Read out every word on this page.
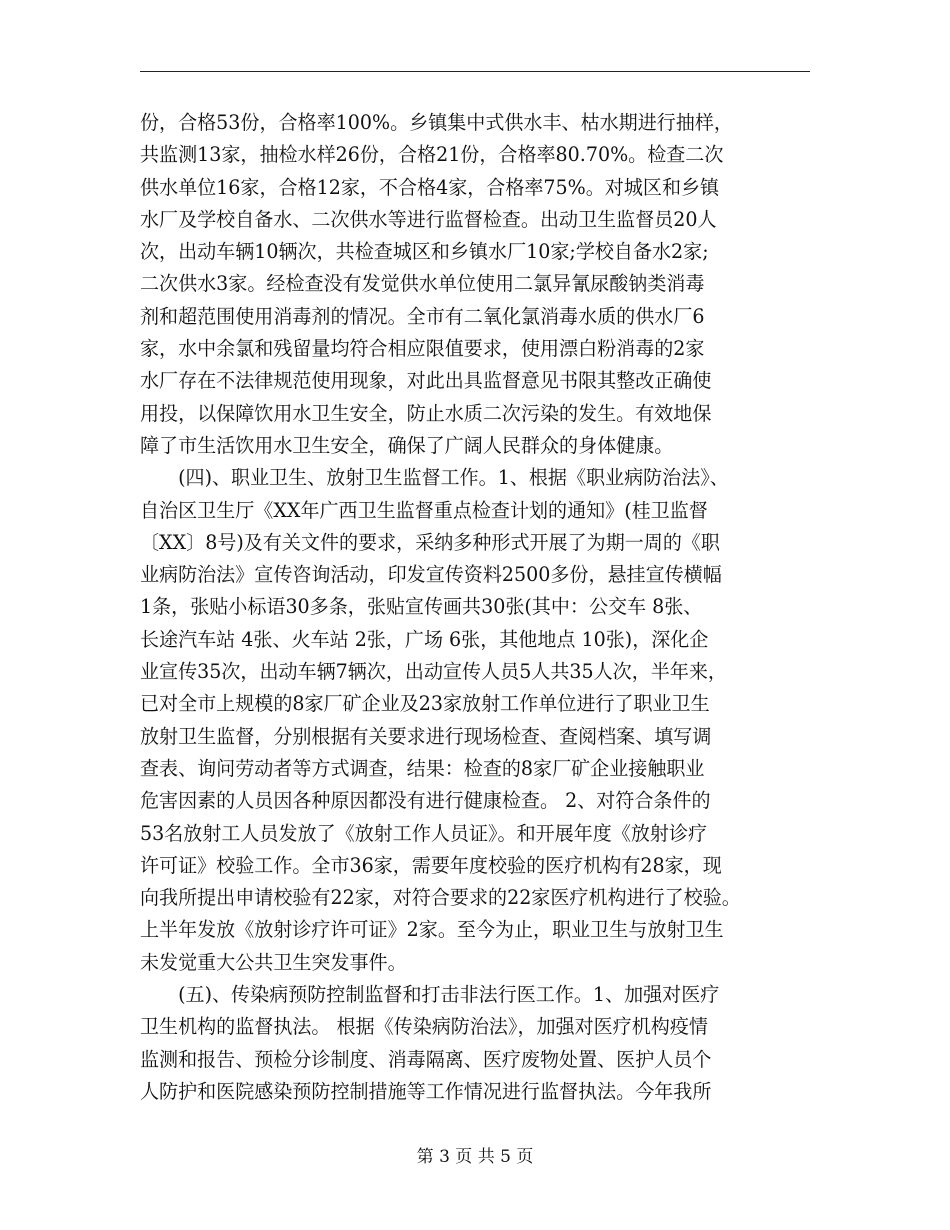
份，合格53份，合格率100%。乡镇集中式供水丰、枯水期进行抽样，
共监测13家，抽检水样26份，合格21份，合格率80.70%。检查二次
供水单位16家，合格12家，不合格4家，合格率75%。对城区和乡镇
水厂及学校自备水、二次供水等进行监督检查。出动卫生监督员20人
次，出动车辆10辆次，共检查城区和乡镇水厂10家;学校自备水2家;
二次供水3家。经检查没有发觉供水单位使用二氯异氰尿酸钠类消毒
剂和超范围使用消毒剂的情况。全市有二氧化氯消毒水质的供水厂6
家，水中余氯和残留量均符合相应限值要求，使用漂白粉消毒的2家
水厂存在不法律规范使用现象，对此出具监督意见书限其整改正确使
用投，以保障饮用水卫生安全，防止水质二次污染的发生。有效地保
障了市生活饮用水卫生安全，确保了广阔人民群众的身体健康。
　　(四)、职业卫生、放射卫生监督工作。1、根据《职业病防治法》、
自治区卫生厅《XX年广西卫生监督重点检查计划的通知》(桂卫监督
〔XX〕8号)及有关文件的要求，采纳多种形式开展了为期一周的《职
业病防治法》宣传咨询活动，印发宣传资料2500多份，悬挂宣传横幅
1条，张贴小标语30多条，张贴宣传画共30张(其中：公交车 8张、
长途汽车站 4张、火车站 2张，广场 6张，其他地点 10张)，深化企
业宣传35次，出动车辆7辆次，出动宣传人员5人共35人次，半年来，
已对全市上规模的8家厂矿企业及23家放射工作单位进行了职业卫生
放射卫生监督，分别根据有关要求进行现场检查、查阅档案、填写调
查表、询问劳动者等方式调查，结果：检查的8家厂矿企业接触职业
危害因素的人员因各种原因都没有进行健康检查。 2、对符合条件的
53名放射工人员发放了《放射工作人员证》。和开展年度《放射诊疗
许可证》校验工作。全市36家，需要年度校验的医疗机构有28家，现
向我所提出申请校验有22家，对符合要求的22家医疗机构进行了校验。
上半年发放《放射诊疗许可证》2家。至今为止，职业卫生与放射卫生
未发觉重大公共卫生突发事件。
　　(五)、传染病预防控制监督和打击非法行医工作。1、加强对医疗
卫生机构的监督执法。 根据《传染病防治法》，加强对医疗机构疫情
监测和报告、预检分诊制度、消毒隔离、医疗废物处置、医护人员个
人防护和医院感染预防控制措施等工作情况进行监督执法。今年我所
第 3 页 共 5 页
